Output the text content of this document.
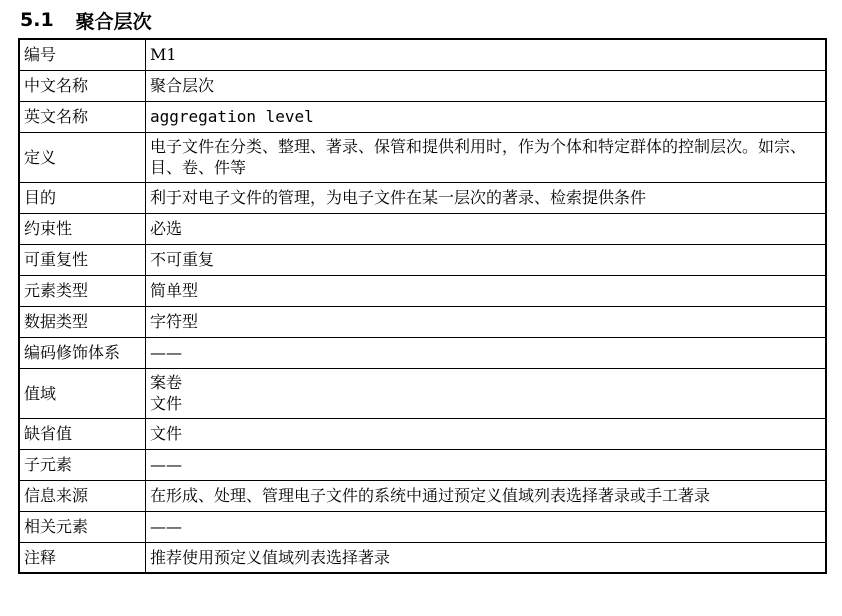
5.1 聚合层次
编号	M1
中文名称	聚合层次
英文名称	aggregation level
定义	电子文件在分类、整理、著录、保管和提供利用时，作为个体和特定群体的控制层次。如宗、目、卷、件等
目的	利于对电子文件的管理，为电子文件在某一层次的著录、检索提供条件
约束性	必选
可重复性	不可重复
元素类型	简单型
数据类型	字符型
编码修饰体系	——
值域	案卷
文件

缺省值	文件
子元素	——
信息来源	在形成、处理、管理电子文件的系统中通过预定义值域列表选择著录或手工著录
相关元素	——
注释	推荐使用预定义值域列表选择著录
